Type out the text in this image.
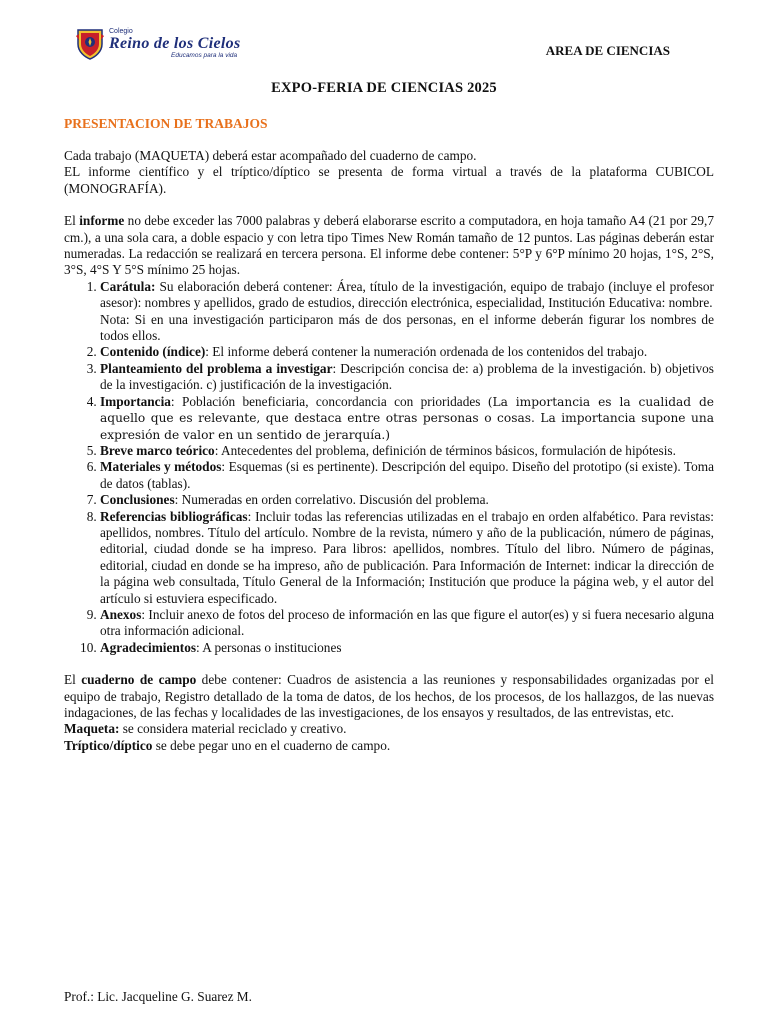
Colegio
Reino de los Cielos
Educamos para la vida	AREA DE CIENCIAS
EXPO-FERIA DE CIENCIAS 2025
PRESENTACION DE TRABAJOS

Cada trabajo (MAQUETA) deberá estar acompañado del cuaderno de campo.

EL informe científico y el tríptico/díptico se presenta de forma virtual a través de la plataforma CUBICOL (MONOGRAFÍA).

El informe no debe exceder las 7000 palabras y deberá elaborarse escrito a computadora, en hoja tamaño A4 (21 por 29,7 cm.), a una sola cara, a doble espacio y con letra tipo Times New Román tamaño de 12 puntos. Las páginas deberán estar numeradas. La redacción se realizará en tercera persona. El informe debe contener: 5°P y 6°P mínimo 20 hojas, 1°S, 2°S, 3°S, 4°S Y 5°S mínimo 25 hojas.

1. Carátula: Su elaboración deberá contener: Área, título de la investigación, equipo de trabajo (incluye el profesor asesor): nombres y apellidos, grado de estudios, dirección electrónica, especialidad, Institución Educativa: nombre.
Nota: Si en una investigación participaron más de dos personas, en el informe deberán figurar los nombres de todos ellos.
2. Contenido (índice): El informe deberá contener la numeración ordenada de los contenidos del trabajo.
3. Planteamiento del problema a investigar: Descripción concisa de: a) problema de la investigación. b) objetivos de la investigación. c) justificación de la investigación.
4. Importancia: Población beneficiaria, concordancia con prioridades (La importancia es la cualidad de aquello que es relevante, que destaca entre otras personas o cosas. La importancia supone una expresión de valor en un sentido de jerarquía.)
5. Breve marco teórico: Antecedentes del problema, definición de términos básicos, formulación de hipótesis.
6. Materiales y métodos: Esquemas (si es pertinente). Descripción del equipo. Diseño del prototipo (si existe). Toma de datos (tablas).
7. Conclusiones: Numeradas en orden correlativo. Discusión del problema.
8. Referencias bibliográficas: Incluir todas las referencias utilizadas en el trabajo en orden alfabético. Para revistas: apellidos, nombres. Título del artículo. Nombre de la revista, número y año de la publicación, número de páginas, editorial, ciudad donde se ha impreso. Para libros: apellidos, nombres. Título del libro. Número de páginas, editorial, ciudad en donde se ha impreso, año de publicación. Para Información de Internet: indicar la dirección de la página web consultada, Título General de la Información; Institución que produce la página web, y el autor del artículo si estuviera especificado.
9. Anexos: Incluir anexo de fotos del proceso de información en las que figure el autor(es) y si fuera necesario alguna otra información adicional.
10. Agradecimientos: A personas o instituciones

El cuaderno de campo debe contener: Cuadros de asistencia a las reuniones y responsabilidades organizadas por el equipo de trabajo, Registro detallado de la toma de datos, de los hechos, de los procesos, de los hallazgos, de las nuevas indagaciones, de las fechas y localidades de las investigaciones, de los ensayos y resultados, de las entrevistas, etc.

Maqueta: se considera material reciclado y creativo.

Tríptico/díptico se debe pegar uno en el cuaderno de campo.

Prof.: Lic. Jacqueline G. Suarez M.
